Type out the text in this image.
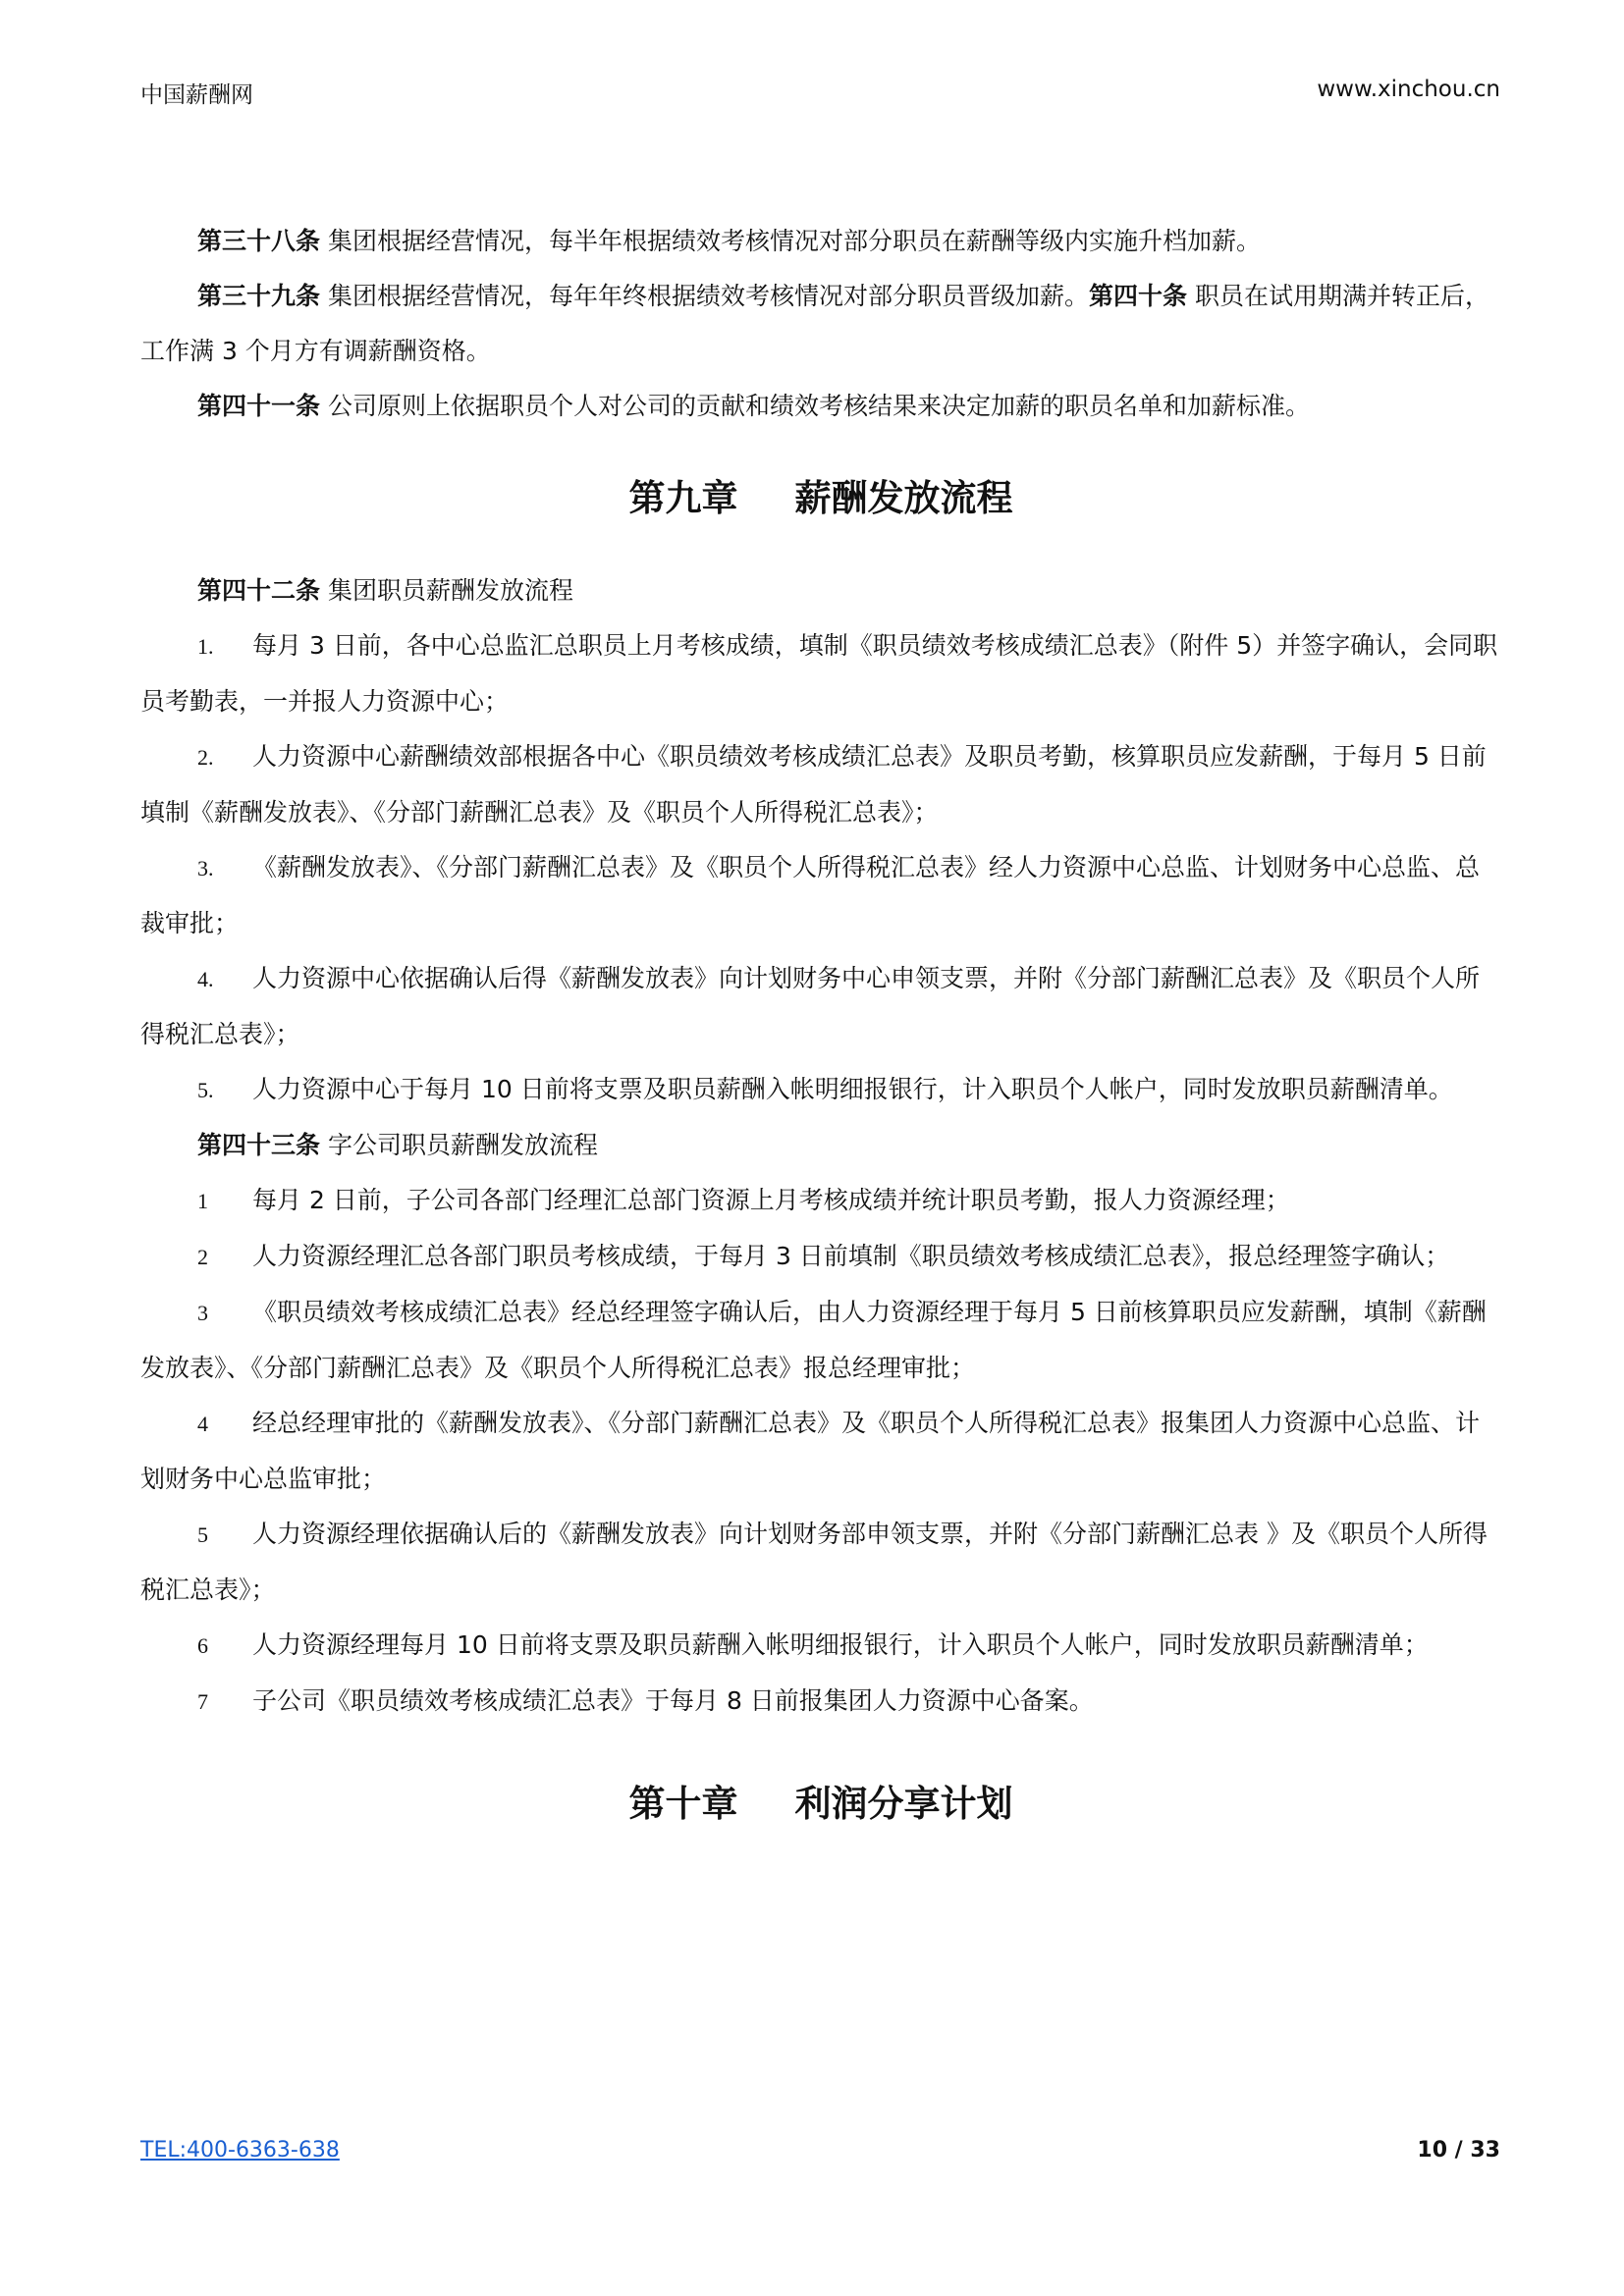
中国薪酬网	www.xinchou.cn

第三十八条 集团根据经营情况，每半年根据绩效考核情况对部分职员在薪酬等级内实施升档加薪。

第三十九条 集团根据经营情况，每年年终根据绩效考核情况对部分职员晋级加薪。第四十条 职员在试用期满并转正后，工作满 3 个月方有调薪酬资格。

第四十一条 公司原则上依据职员个人对公司的贡献和绩效考核结果来决定加薪的职员名单和加薪标准。

第九章 薪酬发放流程

第四十二条 集团职员薪酬发放流程

1. 每月 3 日前，各中心总监汇总职员上月考核成绩，填制《职员绩效考核成绩汇总表》（附件 5）并签字确认，会同职员考勤表，一并报人力资源中心；

2. 人力资源中心薪酬绩效部根据各中心《职员绩效考核成绩汇总表》及职员考勤，核算职员应发薪酬，于每月 5 日前填制《薪酬发放表》、《分部门薪酬汇总表》及《职员个人所得税汇总表》；

3. 《薪酬发放表》、《分部门薪酬汇总表》及《职员个人所得税汇总表》经人力资源中心总监、计划财务中心总监、总裁审批；

4. 人力资源中心依据确认后得《薪酬发放表》向计划财务中心申领支票，并附《分部门薪酬汇总表》及《职员个人所得税汇总表》；

5. 人力资源中心于每月 10 日前将支票及职员薪酬入帐明细报银行，计入职员个人帐户，同时发放职员薪酬清单。

第四十三条 字公司职员薪酬发放流程

1 每月 2 日前，子公司各部门经理汇总部门资源上月考核成绩并统计职员考勤，报人力资源经理；

2 人力资源经理汇总各部门职员考核成绩，于每月 3 日前填制《职员绩效考核成绩汇总表》，报总经理签字确认；

3 《职员绩效考核成绩汇总表》经总经理签字确认后，由人力资源经理于每月 5 日前核算职员应发薪酬，填制《薪酬发放表》、《分部门薪酬汇总表》及《职员个人所得税汇总表》报总经理审批；

4 经总经理审批的《薪酬发放表》、《分部门薪酬汇总表》及《职员个人所得税汇总表》报集团人力资源中心总监、计划财务中心总监审批；

5 人力资源经理依据确认后的《薪酬发放表》向计划财务部申领支票，并附《分部门薪酬汇总表 》及《职员个人所得税汇总表》；

6 人力资源经理每月 10 日前将支票及职员薪酬入帐明细报银行，计入职员个人帐户，同时发放职员薪酬清单；

7 子公司《职员绩效考核成绩汇总表》于每月 8 日前报集团人力资源中心备案。

第十章 利润分享计划
TEL:400-6363-638	10 / 33
